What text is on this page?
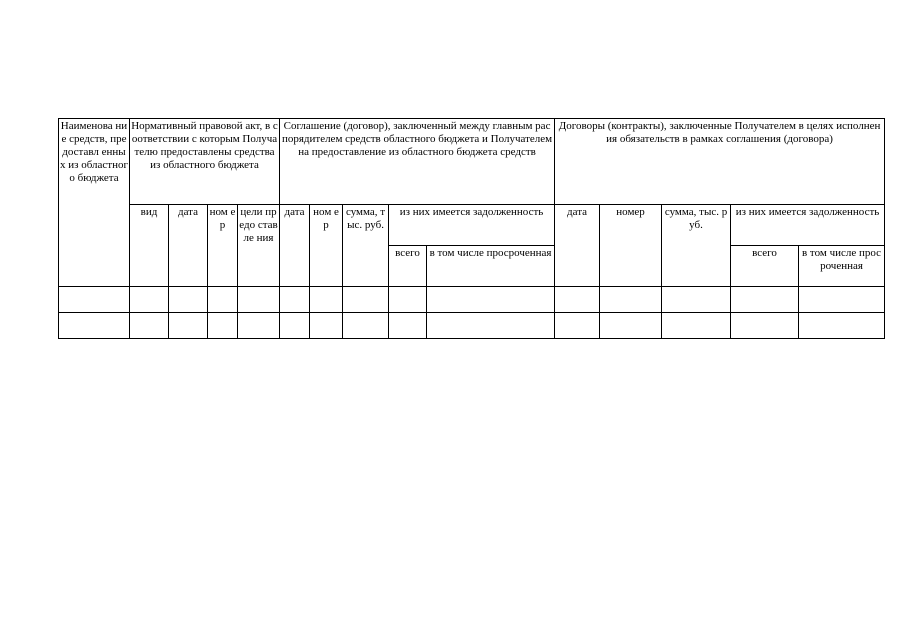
Наименова ние средств, предоставл енных из областного бюджета	Нормативный правовой акт, в соответствии с которым Получателю предоставлены средства из областного бюджета				Соглашение (договор), заключенный между главным распорядителем средств областного бюджета и Получателем на предоставление из областного бюджета средств					Договоры (контракты), заключенные Получателем в целях исполнения обязательств в рамках соглашения (договора)				
	вид	дата	ном ер	цели предо ставле ния	дата	ном ер	сумма, тыс. руб.	из них имеется задолженность		дата	номер	сумма, тыс. руб.	из них имеется задолженность	
								всего	в том числе просроченная				всего	в том числе просроченная
